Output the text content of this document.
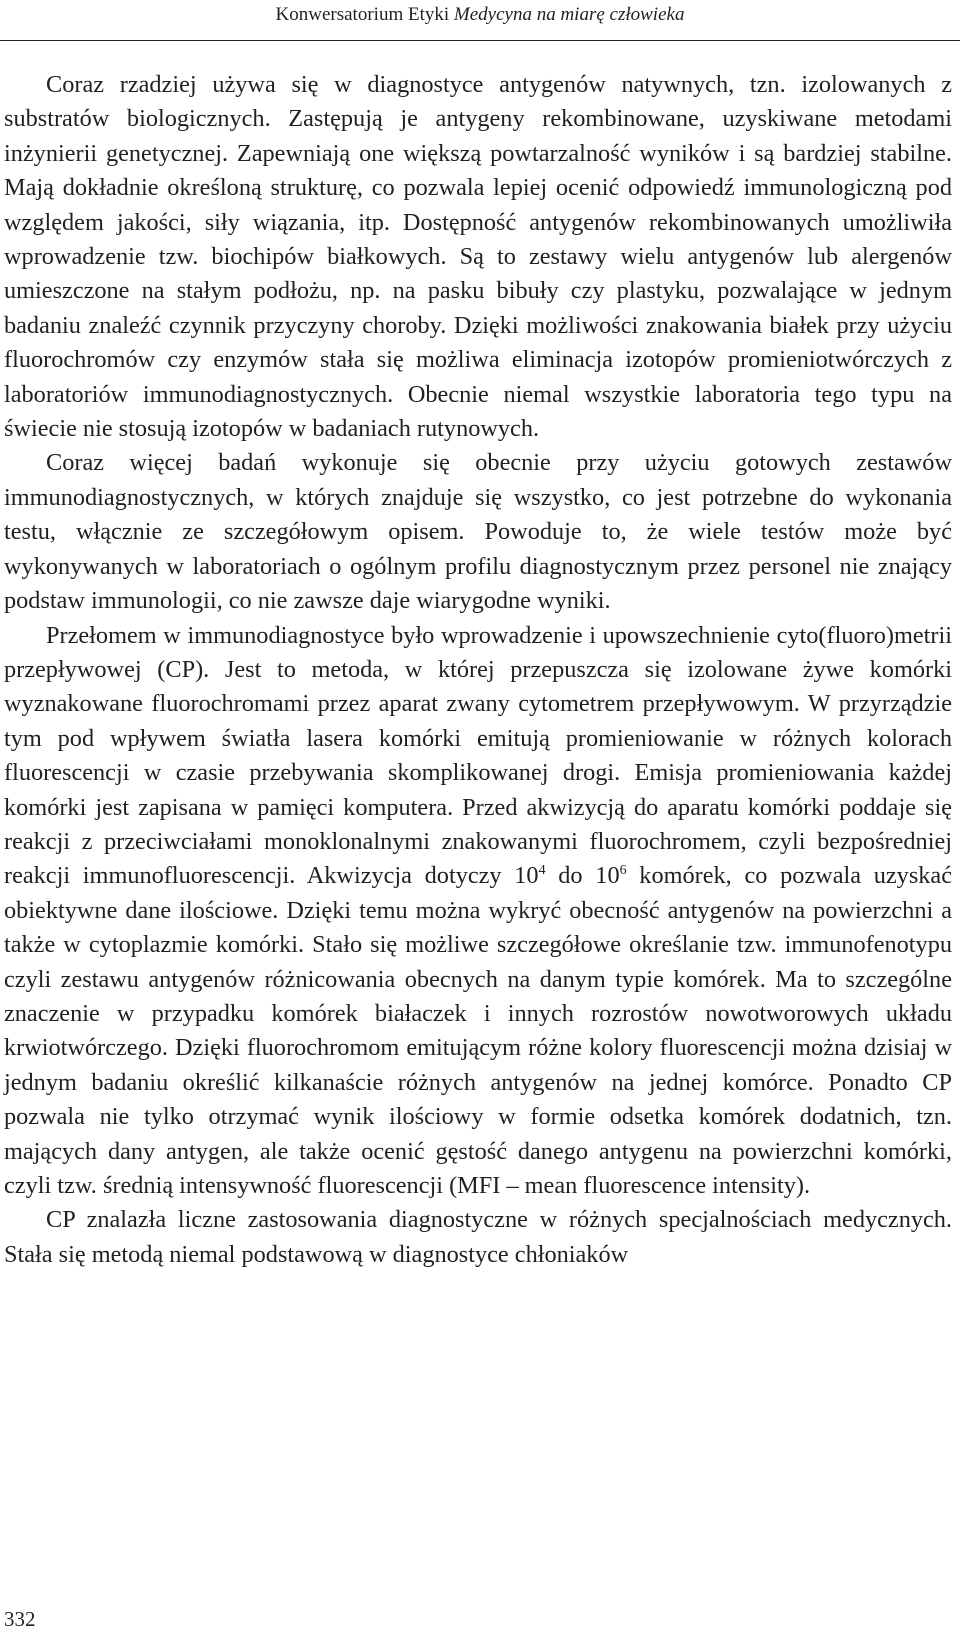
Konwersatorium Etyki Medycyna na miarę człowieka

Coraz rzadziej używa się w diagnostyce antygenów natywnych, tzn. izolowanych z substratów biologicznych. Zastępują je antygeny rekombinowane, uzyskiwane metodami inżynierii genetycznej. Zapewniają one większą powtarzalność wyników i są bardziej stabilne. Mają dokładnie określoną strukturę, co pozwala lepiej ocenić odpowiedź immunologiczną pod względem jakości, siły wiązania, itp. Dostępność antygenów rekombinowanych umożliwiła wprowadzenie tzw. biochipów białkowych. Są to zestawy wielu antygenów lub alergenów umieszczone na stałym podłożu, np. na pasku bibuły czy plastyku, pozwalające w jednym badaniu znaleźć czynnik przyczyny choroby. Dzięki możliwości znakowania białek przy użyciu fluorochromów czy enzymów stała się możliwa eliminacja izotopów promieniotwórczych z laboratoriów immunodiagnostycznych. Obecnie niemal wszystkie laboratoria tego typu na świecie nie stosują izotopów w badaniach rutynowych.

Coraz więcej badań wykonuje się obecnie przy użyciu gotowych zestawów immunodiagnostycznych, w których znajduje się wszystko, co jest potrzebne do wykonania testu, włącznie ze szczegółowym opisem. Powoduje to, że wiele testów może być wykonywanych w laboratoriach o ogólnym profilu diagnostycznym przez personel nie znający podstaw immunologii, co nie zawsze daje wiarygodne wyniki.

Przełomem w immunodiagnostyce było wprowadzenie i upowszechnienie cyto(fluoro)metrii przepływowej (CP). Jest to metoda, w której przepuszcza się izolowane żywe komórki wyznakowane fluorochromami przez aparat zwany cytometrem przepływowym. W przyrządzie tym pod wpływem światła lasera komórki emitują promieniowanie w różnych kolorach fluorescencji w czasie przebywania skomplikowanej drogi. Emisja promieniowania każdej komórki jest zapisana w pamięci komputera. Przed akwizycją do aparatu komórki poddaje się reakcji z przeciwciałami monoklonalnymi znakowanymi fluorochromem, czyli bezpośredniej reakcji immunofluorescencji. Akwizycja dotyczy $10^4$ do $10^6$ komórek, co pozwala uzyskać obiektywne dane ilościowe. Dzięki temu można wykryć obecność antygenów na powierzchni a także w cytoplazmie komórki. Stało się możliwe szczegółowe określanie tzw. immunofenotypu czyli zestawu antygenów różnicowania obecnych na danym typie komórek. Ma to szczególne znaczenie w przypadku komórek białaczek i innych rozrostów nowotworowych układu krwiotwórczego. Dzięki fluorochromom emitującym różne kolory fluorescencji można dzisiaj w jednym badaniu określić kilkanaście różnych antygenów na jednej komórce. Ponadto CP pozwala nie tylko otrzymać wynik ilościowy w formie odsetka komórek dodatnich, tzn. mających dany antygen, ale także ocenić gęstość danego antygenu na powierzchni komórki, czyli tzw. średnią intensywność fluorescencji (MFI – mean fluorescence intensity).

CP znalazła liczne zastosowania diagnostyczne w różnych specjalnościach medycznych. Stała się metodą niemal podstawową w diagnostyce chłoniaków

332
